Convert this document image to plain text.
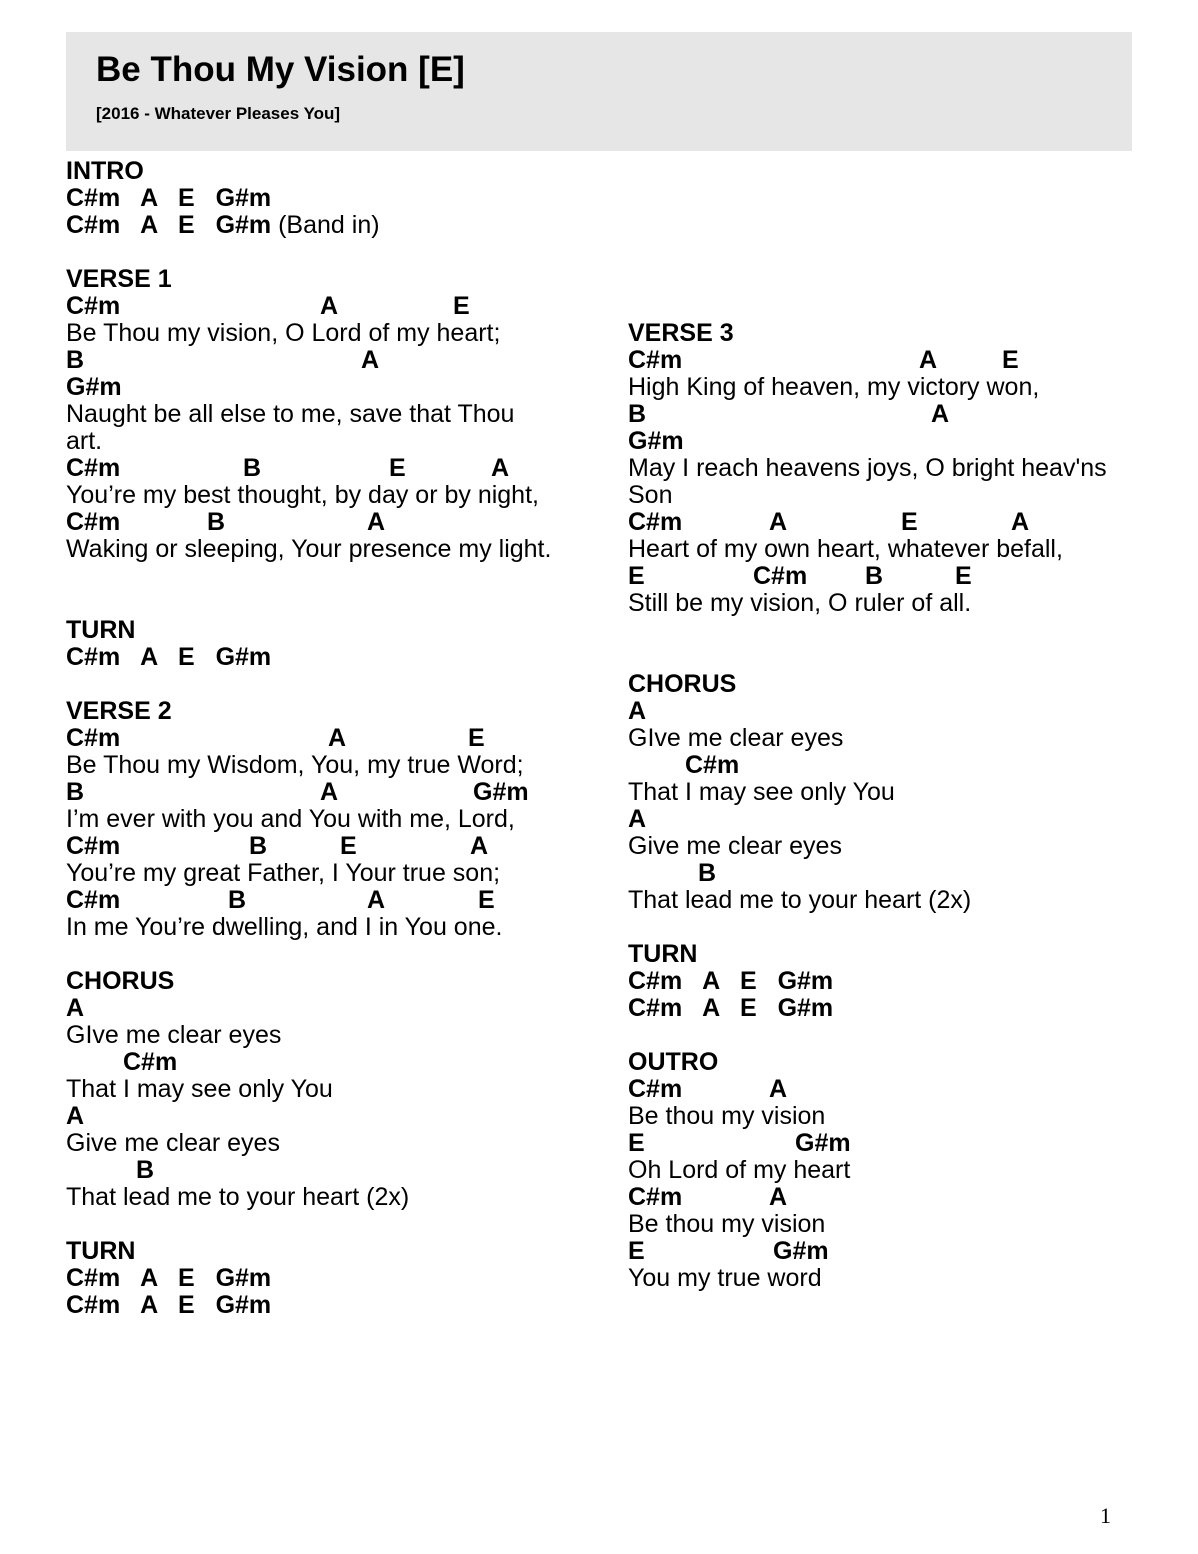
Be Thou My Vision [E]
[2016 - Whatever Pleases You]
INTRO
C#m   A   E   G#m
C#m   A   E   G#m (Band in)
VERSE 1
C#m	A	E
Be Thou my vision, O Lord of my heart;
B	A
G#m
Naught be all else to me, save that Thou
art.
C#m	B	E	A
You’re my best thought, by day or by night,
C#m	B	A
Waking or sleeping, Your presence my light.
TURN
C#m   A   E   G#m
VERSE 2
C#m	A	E
Be Thou my Wisdom, You, my true Word;
B	A	G#m
I’m ever with you and You with me, Lord,
C#m	B	E	A
You’re my great Father, I Your true son;
C#m	B	A	E
In me You’re dwelling, and I in You one.
CHORUS
A
GIve me clear eyes
C#m
That I may see only You
A
Give me clear eyes
B
That lead me to your heart (2x)
TURN
C#m   A   E   G#m
C#m   A   E   G#m
VERSE 3
C#m	A	E
High King of heaven, my victory won,
B	A
G#m
May I reach heavens joys, O bright heav'ns
Son
C#m	A	E	A
Heart of my own heart, whatever befall,
E	C#m B	E
Still be my vision, O ruler of all.
CHORUS
A
GIve me clear eyes
C#m
That I may see only You
A
Give me clear eyes
B
That lead me to your heart (2x)
TURN
C#m   A   E   G#m
C#m   A   E   G#m
OUTRO
C#m	A
Be thou my vision
E	G#m
Oh Lord of my heart
C#m	A
Be thou my vision
E	G#m
You my true word
1
